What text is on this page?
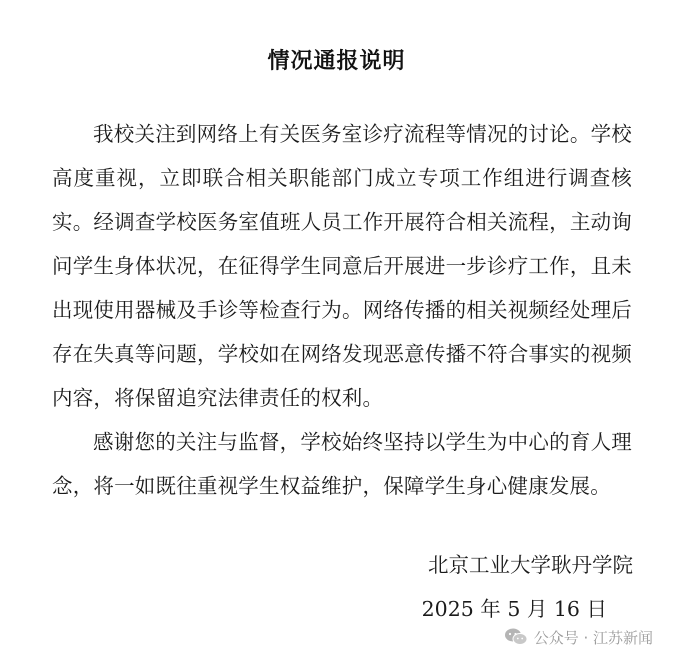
情况通报说明

我校关注到网络上有关医务室诊疗流程等情况的讨论。学校高度重视，立即联合相关职能部门成立专项工作组进行调查核实。经调查学校医务室值班人员工作开展符合相关流程，主动询问学生身体状况，在征得学生同意后开展进一步诊疗工作，且未出现使用器械及手诊等检查行为。网络传播的相关视频经处理后存在失真等问题，学校如在网络发现恶意传播不符合事实的视频内容，将保留追究法律责任的权利。

感谢您的关注与监督，学校始终坚持以学生为中心的育人理念，将一如既往重视学生权益维护，保障学生身心健康发展。

北京工业大学耿丹学院
2025 年 5 月 16 日
公众号 · 江苏新闻
